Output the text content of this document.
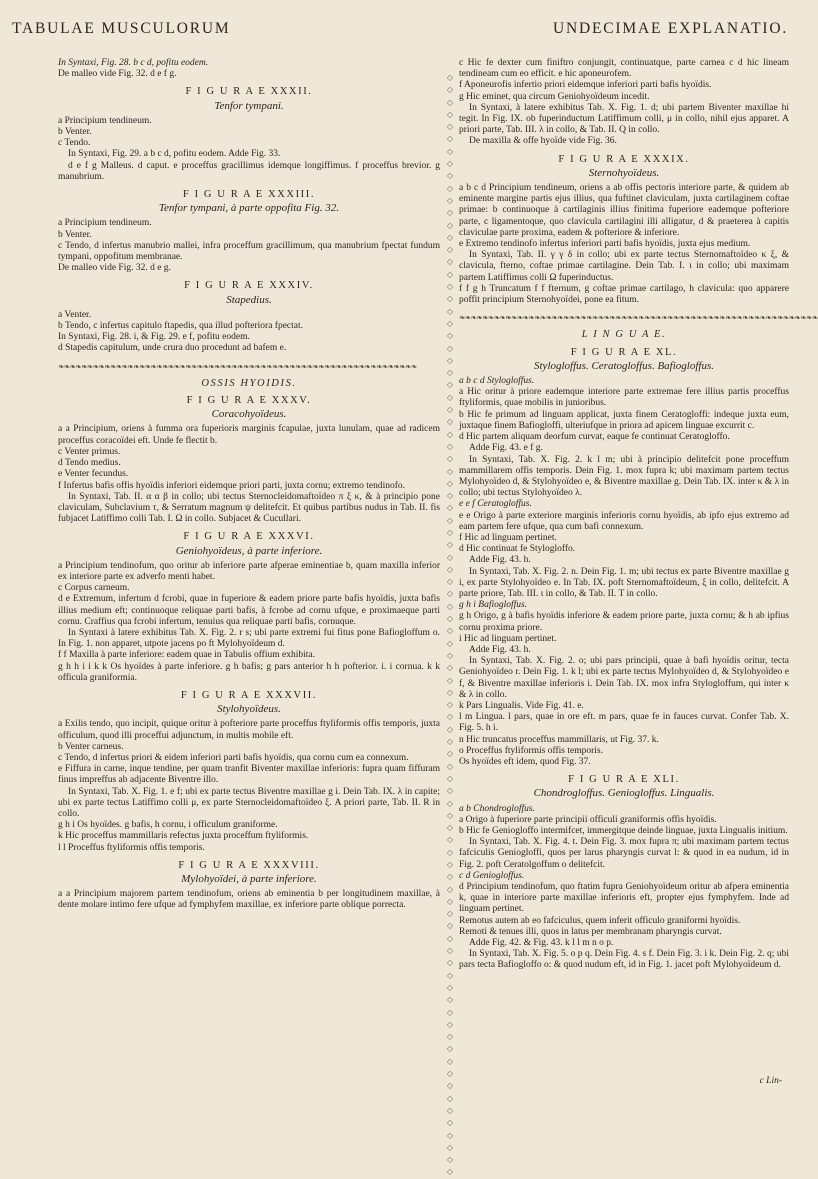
TABULAE MUSCULORUM	UNDECIMAE EXPLANATIO.
◇
◇
◇
◇
◇
◇
◇
◇
◇
◇
◇
◇
◇
◇
◇
◇
◇
◇
◇
◇
◇
◇
◇
◇
◇
◇
◇
◇
◇
◇
◇
◇
◇
◇
◇
◇
◇
◇
◇
◇
◇
◇
◇
◇
◇
◇
◇
◇
◇
◇
◇
◇
◇
◇
◇
◇
◇
◇
◇
◇
◇
◇
◇
◇
◇
◇
◇
◇
◇
◇
◇
◇
◇
◇
◇
◇
◇
◇
◇
◇
◇
◇
◇
◇
◇
◇
◇
◇
◇
◇

In Syntaxi, Fig. 28. b c d, pofitu eodem.

De malleo vide Fig. 32. d e f g.

F I G U R A E XXXII.
Tenfor tympani.

a Principium tendineum.

b Venter.

c Tendo.

In Syntaxi, Fig. 29. a b c d, pofitu eodem. Adde Fig. 33.

d e f g Malleus. d caput. e proceffus gracillimus idemque longiffimus. f proceffus brevior. g manubrium.

F I G U R A E XXXIII.
Tenfor tympani, à parte oppofita Fig. 32.

a Principium tendineum.

b Venter.

c Tendo, d infertus manubrio mallei, infra proceffum gracillimum, qua manubrium fpectat fundum tympani, oppofitum membranae.

De malleo vide Fig. 32. d e g.

F I G U R A E XXXIV.
Stapedius.

a Venter.

b Tendo, c infertus capitulo ftapedis, qua illud pofteriora fpectat.

In Syntaxi, Fig. 28. i, & Fig. 29. e f, pofitu eodem.

d Stapedis capitulum, unde crura duo procedunt ad bafem e.

❧❧❧❧❧❧❧❧❧❧❧❧❧❧❧❧❧❧❧❧❧❧❧❧❧❧❧❧❧❧❧❧❧❧❧❧❧❧❧❧❧❧❧❧❧❧❧❧❧❧❧❧❧❧❧❧❧❧❧❧❧❧
OSSIS HYOIDIS.
F I G U R A E XXXV.
Coracohyoïdeus.

a a Principium, oriens à fumma ora fuperioris marginis fcapulae, juxta lunulam, quae ad radicem proceffus coracoïdei eft. Unde fe flectit b.

c Venter primus.

d Tendo medius.

e Venter fecundus.

f Infertus bafis offis hyoïdis inferiori eidemque priori parti, juxta cornu; extremo tendinofo.

In Syntaxi, Tab. II. α α β in collo; ubi tectus Sternocleidomaftoïdeo π ξ κ, & à principio pone claviculam, Subclavium τ, & Serratum magnum ψ delitefcit. Et quibus partibus nudus in Tab. II. fis fubjacet Latiffimo colli Tab. I. Ω in collo. Subjacet & Cucullari.

F I G U R A E XXXVI.
Geniohyoïdeus, à parte inferiore.

a Principium tendinofum, quo oritur ab inferiore parte afperae eminentiae b, quam maxilla inferior ex interiore parte ex adverfo menti habet.

c Corpus carneum.

d e Extremum, infertum d fcrobi, quae in fuperiore & eadem priore parte bafis hyoïdis, juxta bafis illius medium eft; continuoque reliquae parti bafis, à fcrobe ad cornu ufque, e proximaeque parti cornu. Craffius qua fcrobi infertum, tenuius qua reliquae parti bafis, cornuque.

In Syntaxi à latere exhibitus Tab. X. Fig. 2. r s; ubi parte extremi fui fitus pone Bafiogloffum o. In Fig. 1. non apparet, utpote jacens po ft Mylohyoïdeum d.

f f Maxilla à parte inferiore: eadem quae in Tabulis offium exhibita.

g h h i i k k Os hyoïdes à parte inferiore. g h bafis; g pars anterior h h pofterior. i. i cornua. k k officula graniformia.

F I G U R A E XXXVII.
Stylohyoïdeus.

a Exilis tendo, quo incipit, quique oritur à pofteriore parte proceffus ftyliformis offis temporis, juxta officulum, quod illi proceffui adjunctum, in multis mobile eft.

b Venter carneus.

c Tendo, d infertus priori & eidem inferiori parti bafis hyoïdis, qua cornu cum ea connexum.

e Fiffura in carne, inque tendine, per quam tranfit Biventer maxillae inferioris: fupra quam fiffuram finus impreffus ab adjacente Biventre illo.

In Syntaxi, Tab. X. Fig. 1. e f; ubi ex parte tectus Biventre maxillae g i. Dein Tab. IX. λ in capite; ubi ex parte tectus Latiffimo colli μ, ex parte Sternocleidomaftoïdeo ξ. A priori parte, Tab. II. R in collo.

g h i Os hyoïdes. g bafis, h cornu, i officulum graniforme.

k Hic proceffus mammillaris refectus juxta proceffum ftyliformis.

l l Proceffus ftyliformis offis temporis.

F I G U R A E XXXVIII.
Mylohyoïdei, à parte inferiore.

a a Principium majorem partem tendinofum, oriens ab eminentia b per longitudinem maxillae, à dente molare intimo fere ufque ad fymphyfem maxillae, ex inferiore parte oblique porrecta.

c Hic fe dexter cum finiftro conjungit, continuatque, parte carnea c d hic lineam tendineam cum eo efficit. e hic aponeurofem.

f Aponeurofis infertio priori eidemque inferiori parti bafis hyoïdis.

g Hic eminet, qua circum Geniohyoïdeum incedit.

In Syntaxi, à latere exhibitus Tab. X. Fig. 1. d; ubi partem Biventer maxillae hi tegit. In Fig. IX. ob fuperinductum Latiffimum colli, μ in collo, nihil ejus apparet. A priori parte, Tab. III. λ in collo, & Tab. II. Q in collo.

De maxilla & offe hyoïde vide Fig. 36.

F I G U R A E XXXIX.
Sternohyoïdeus.

a b c d Principium tendineum, oriens a ab offis pectoris interiore parte, & quidem ab eminente margine partis ejus illius, qua fuftinet claviculam, juxta cartilaginem coftae primae: b continuoque à cartilaginis illius finitima fuperiore eademque pofteriore parte, c ligamentoque, quo clavicula cartilagini illi alligatur, d & praeterea à capitis claviculae parte proxima, eadem & pofteriore & inferiore.

e Extremo tendinofo infertus inferiori parti bafis hyoïdis, juxta ejus medium.

In Syntaxi, Tab. II. γ γ δ in collo; ubi ex parte tectus Sternomaftoïdeo κ ξ, & clavicula, fterno, coftae primae cartilagine. Dein Tab. I. ι in collo; ubi maximam partem Latiffimus colli Ω fuperinductus.

f f g h Truncatum f f fternum, g coftae primae cartilago, h clavicula: quo apparere poffit principium Sternohyoïdei, pone ea fitum.

❧❧❧❧❧❧❧❧❧❧❧❧❧❧❧❧❧❧❧❧❧❧❧❧❧❧❧❧❧❧❧❧❧❧❧❧❧❧❧❧❧❧❧❧❧❧❧❧❧❧❧❧❧❧❧❧❧❧❧❧❧❧
L I N G U A E.
F I G U R A E XL.
Stylogloffus. Ceratogloffus. Bafiogloffus.

a b c d Stylogloffus.

a Hic oritur à priore eademque interiore parte extremae fere illius partis proceffus ftyliformis, quae mobilis in junioribus.

b Hic fe primum ad linguam applicat, juxta finem Ceratogloffi: indeque juxta eum, juxtaque finem Bafiogloffi, ulteriufque in priora ad apicem linguae excurrit c.

d Hic partem aliquam deorfum curvat, eaque fe continuat Ceratogloffo.

Adde Fig. 43. e f g.

In Syntaxi, Tab. X. Fig. 2. k l m; ubi à principio delitefcit pone proceffum mammillarem offis temporis. Dein Fig. 1. mox fupra k; ubi maximam partem tectus Mylohyoïdeo d, & Stylohyoïdeo e, & Biventre maxillae g. Dein Tab. IX. inter κ & λ in collo; ubi tectus Stylohyoïdeo λ.

e e f Ceratogloffus.

e e Origo à parte exteriore marginis inferioris cornu hyoïdis, ab ipfo ejus extremo ad eam partem fere ufque, qua cum bafi connexum.

f Hic ad linguam pertinet.

d Hic continuat fe Stylogloffo.

Adde Fig. 43. h.

In Syntaxi, Tab. X. Fig. 2. n. Dein Fig. 1. m; ubi tectus ex parte Biventre maxillae g i, ex parte Stylohyoïdeo e. In Tab. IX. poft Sternomaftoïdeum, ξ in collo, delitefcit. A parte priore, Tab. III. ι in collo, & Tab. II. T in collo.

g h i Bafiogloffus.

g h Origo, g à bafis hyoïdis inferiore & eadem priore parte, juxta cornu; & h ab ipfius cornu proxima priore.

i Hic ad linguam pertinet.

Adde Fig. 43. h.

In Syntaxi, Tab. X. Fig. 2. o; ubi pars principii, quae à bafi hyoïdis oritur, tecta Geniohyoïdeo r. Dein Fig. 1. k l; ubi ex parte tectus Mylohyoïdeo d, & Stylohyoïdeo e f, & Biventre maxillae inferioris i. Dein Tab. IX. mox infra Stylogloffum, qui inter κ & λ in collo.

k Pars Lingualis. Vide Fig. 41. e.

l m Lingua. l pars, quae in ore eft. m pars, quae fe in fauces curvat. Confer Tab. X. Fig. 5. h i.

n Hic truncatus proceffus mammillaris, ut Fig. 37. k.

o Proceffus ftyliformis offis temporis.

Os hyoïdes eft idem, quod Fig. 37.

F I G U R A E XLI.
Chondrogloffus. Geniogloffus. Lingualis.

a b Chondrogloffus.

a Origo à fuperiore parte principii officuli graniformis offis hyoïdis.

b Hic fe Geniogloffo intermifcet, immergitque deinde linguae, juxta Lingualis initium.

In Syntaxi, Tab. X. Fig. 4. t. Dein Fig. 3. mox fupra π; ubi maximam partem tectus fafciculis Geniogloffi, quos per larus pharyngis curvat l: & quod in ea nudum, id in Fig. 2. poft Ceratolgoffum o delitefcit.

c d Geniogloffus.

d Principium tendinofum, quo ftatim fupra Geniohyoïdeum oritur ab afpera eminentia k, quae in interiore parte maxillae inferioris eft, propter ejus fymphyfem. Inde ad linguam pertinet.

Remotus autem ab eo fafciculus, quem inferit officulo graniformi hyoïdis.

Remoti & tenues illi, quos in latus per membranam pharyngis curvat.

Adde Fig. 42. & Fig. 43. k l l m n o p.

In Syntaxi, Tab. X. Fig. 5. o p q. Dein Fig. 4. s f. Dein Fig. 3. i k. Dein Fig. 2. q; ubi pars tecta Bafiogloffo o: & quod nudum eft, id in Fig. 1. jacet poft Mylohyoïdeum d.

c Lin-
